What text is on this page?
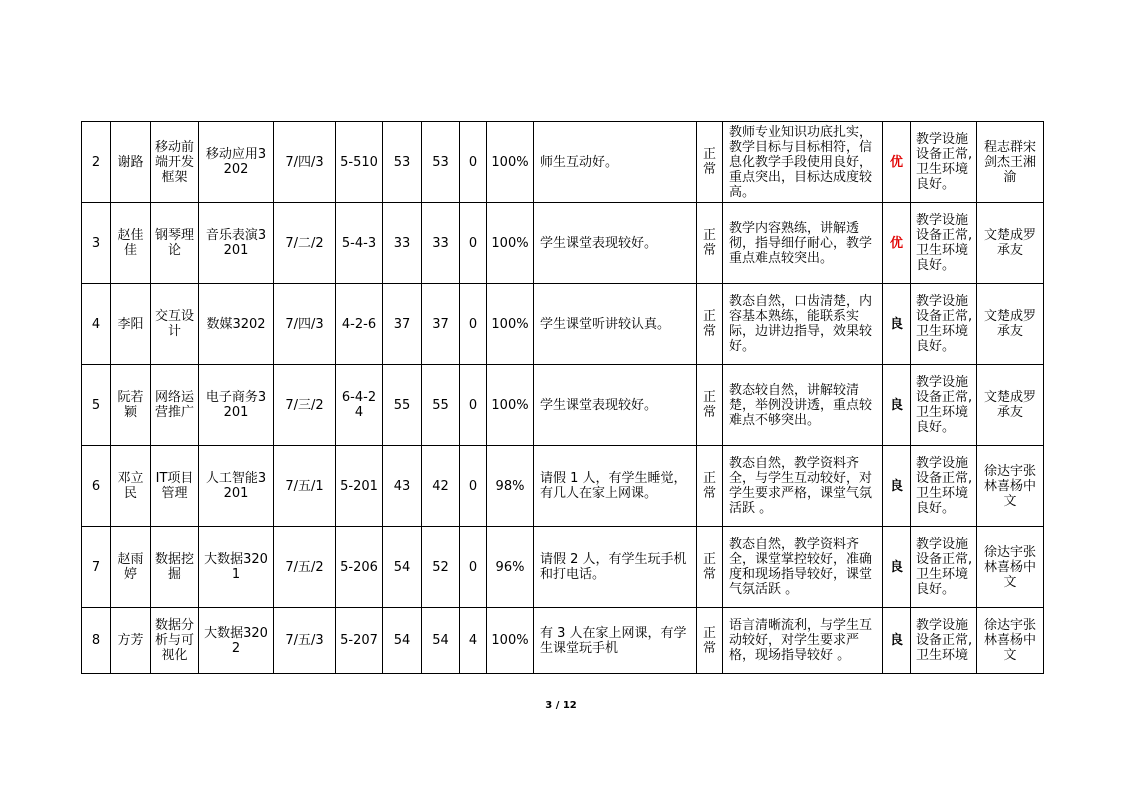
2	谢路	移动前端开发框架	移动应用3202	7/四/3	5-510	53	53	0	100%	师生互动好。	正常	教师专业知识功底扎实，教学目标与目标相符，信息化教学手段使用良好，重点突出，目标达成度较高。	优	教学设施设备正常,卫生环境良好。	程志群宋剑杰王湘渝
3	赵佳佳	钢琴理论	音乐表演3201	7/二/2	5-4-3	33	33	0	100%	学生课堂表现较好。	正常	教学内容熟练，讲解透彻，指导细仔耐心，教学重点难点较突出。	优	教学设施设备正常,卫生环境良好。	文楚成罗承友
4	李阳	交互设计	数媒3202	7/四/3	4-2-6	37	37	0	100%	学生课堂听讲较认真。	正常	教态自然，口齿清楚，内容基本熟练，能联系实际，边讲边指导，效果较好。	良	教学设施设备正常,卫生环境良好。	文楚成罗承友
5	阮若颖	网络运营推广	电子商务3201	7/三/2	6-4-24	55	55	0	100%	学生课堂表现较好。	正常	教态较自然，讲解较清楚，举例没讲透，重点较难点不够突出。	良	教学设施设备正常,卫生环境良好。	文楚成罗承友
6	邓立民	IT项目管理	人工智能3201	7/五/1	5-201	43	42	0	98%	请假 1 人，有学生睡觉，有几人在家上网课。	正常	教态自然，教学资料齐全，与学生互动较好，对学生要求严格，课堂气氛活跃 。	良	教学设施设备正常,卫生环境良好。	徐达宇张林喜杨中文
7	赵雨婷	数据挖掘	大数据3201	7/五/2	5-206	54	52	0	96%	请假 2 人，有学生玩手机和打电话。	正常	教态自然，教学资料齐全，课堂掌控较好，准确度和现场指导较好，课堂气氛活跃 。	良	教学设施设备正常,卫生环境良好。	徐达宇张林喜杨中文
8	方芳	数据分析与可视化	大数据3202	7/五/3	5-207	54	54	4	100%	有 3 人在家上网课，有学生课堂玩手机	正常	语言清晰流利，与学生互动较好，对学生要求严格，现场指导较好 。	良	教学设施设备正常,卫生环境	徐达宇张林喜杨中文
3 / 12
